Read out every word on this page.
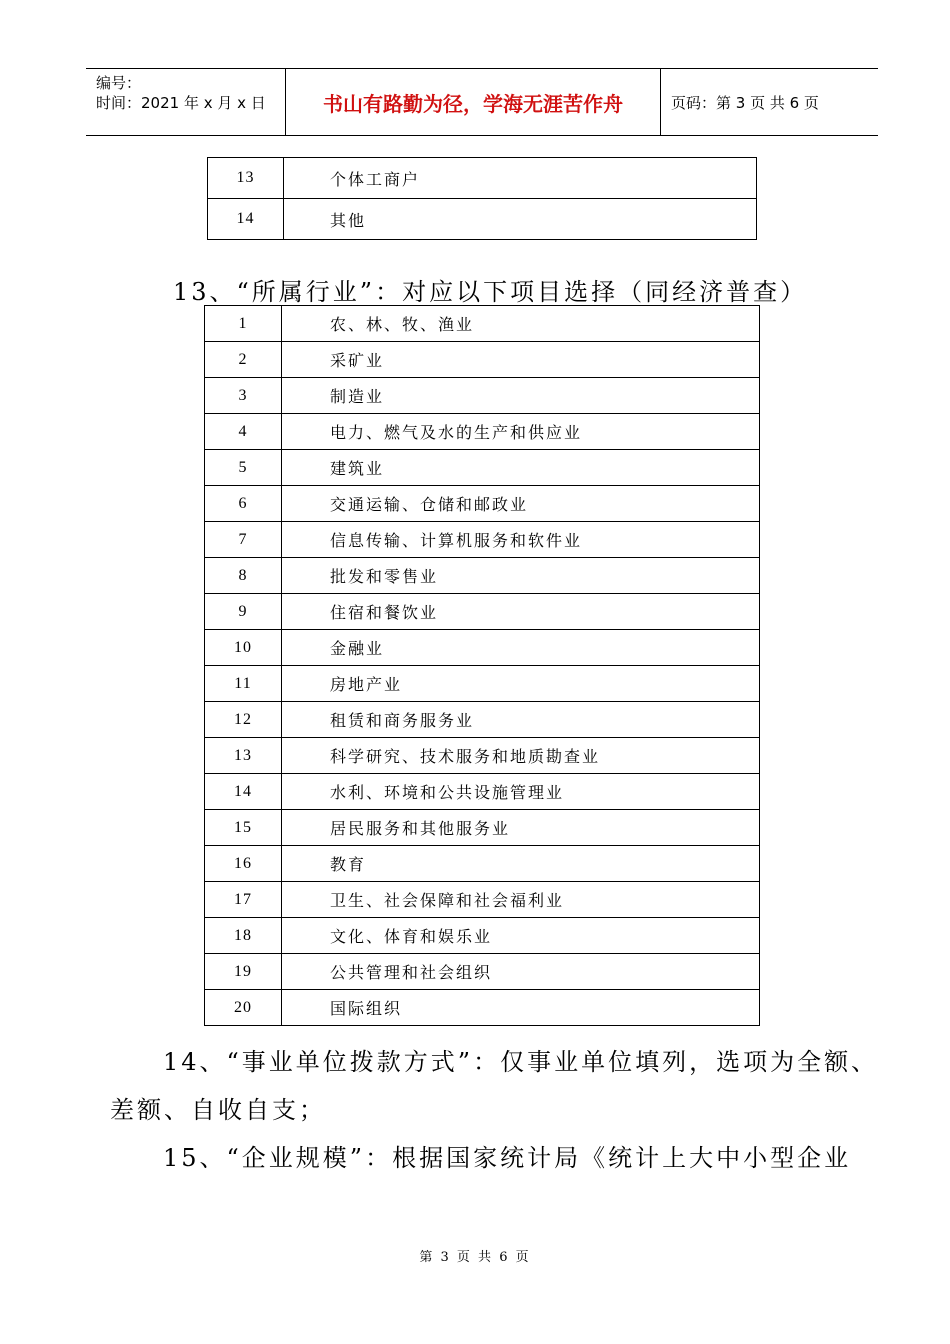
编号：
时间：2021 年 x 月 x 日	书山有路勤为径，学海无涯苦作舟	页码：第 3 页 共 6 页
13	个体工商户
14	其他
13、“所属行业”：对应以下项目选择（同经济普查）
1	农、林、牧、渔业
2	采矿业
3	制造业
4	电力、燃气及水的生产和供应业
5	建筑业
6	交通运输、仓储和邮政业
7	信息传输、计算机服务和软件业
8	批发和零售业
9	住宿和餐饮业
10	金融业
11	房地产业
12	租赁和商务服务业
13	科学研究、技术服务和地质勘查业
14	水利、环境和公共设施管理业
15	居民服务和其他服务业
16	教育
17	卫生、社会保障和社会福利业
18	文化、体育和娱乐业
19	公共管理和社会组织
20	国际组织
14、“事业单位拨款方式”：仅事业单位填列，选项为全额、
差额、自收自支；
15、“企业规模”：根据国家统计局《统计上大中小型企业
第 3 页 共 6 页
